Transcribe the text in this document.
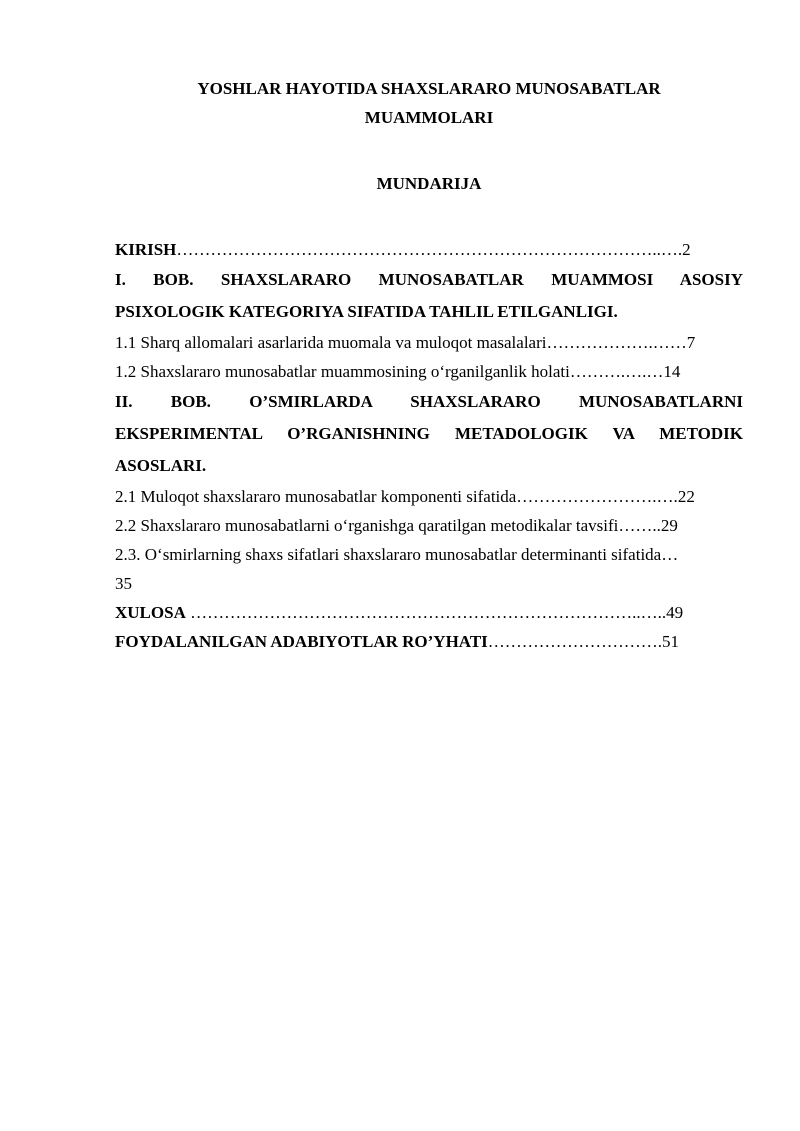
YOSHLAR HAYOTIDA SHAXSLARARO MUNOSABATLAR
MUAMMOLARI
MUNDARIJA
KIRISH…………………………………………………………………………..….2
I. BOB. SHAXSLARARO MUNOSABATLAR MUAMMOSI ASOSIY
PSIXOLOGIK KATEGORIYA SIFATIDA TAHLIL ETILGANLIGI.
1.1 Sharq allomalari asarlarida muomala va muloqot masalalari……………….……7
1.2 Shaxslararo munosabatlar muammosining o‘rganilganlik holati……….….…14
II. BOB. O’SMIRLARDA SHAXSLARARO MUNOSABATLARNI
EKSPERIMENTAL O’RGANISHNING METADOLOGIK VA METODIK
ASOSLARI.
2.1 Muloqot shaxslararo munosabatlar komponenti sifatida…………………….….22
2.2 Shaxslararo munosabatlarni o‘rganishga qaratilgan metodikalar tavsifi……..29
2.3. O‘smirlarning shaxs sifatlari shaxslararo munosabatlar determinanti sifatida…
35
XULOSA ……………………………………………………………………..…..49
FOYDALANILGAN ADABIYOTLAR RO’YHATI………………………….51
